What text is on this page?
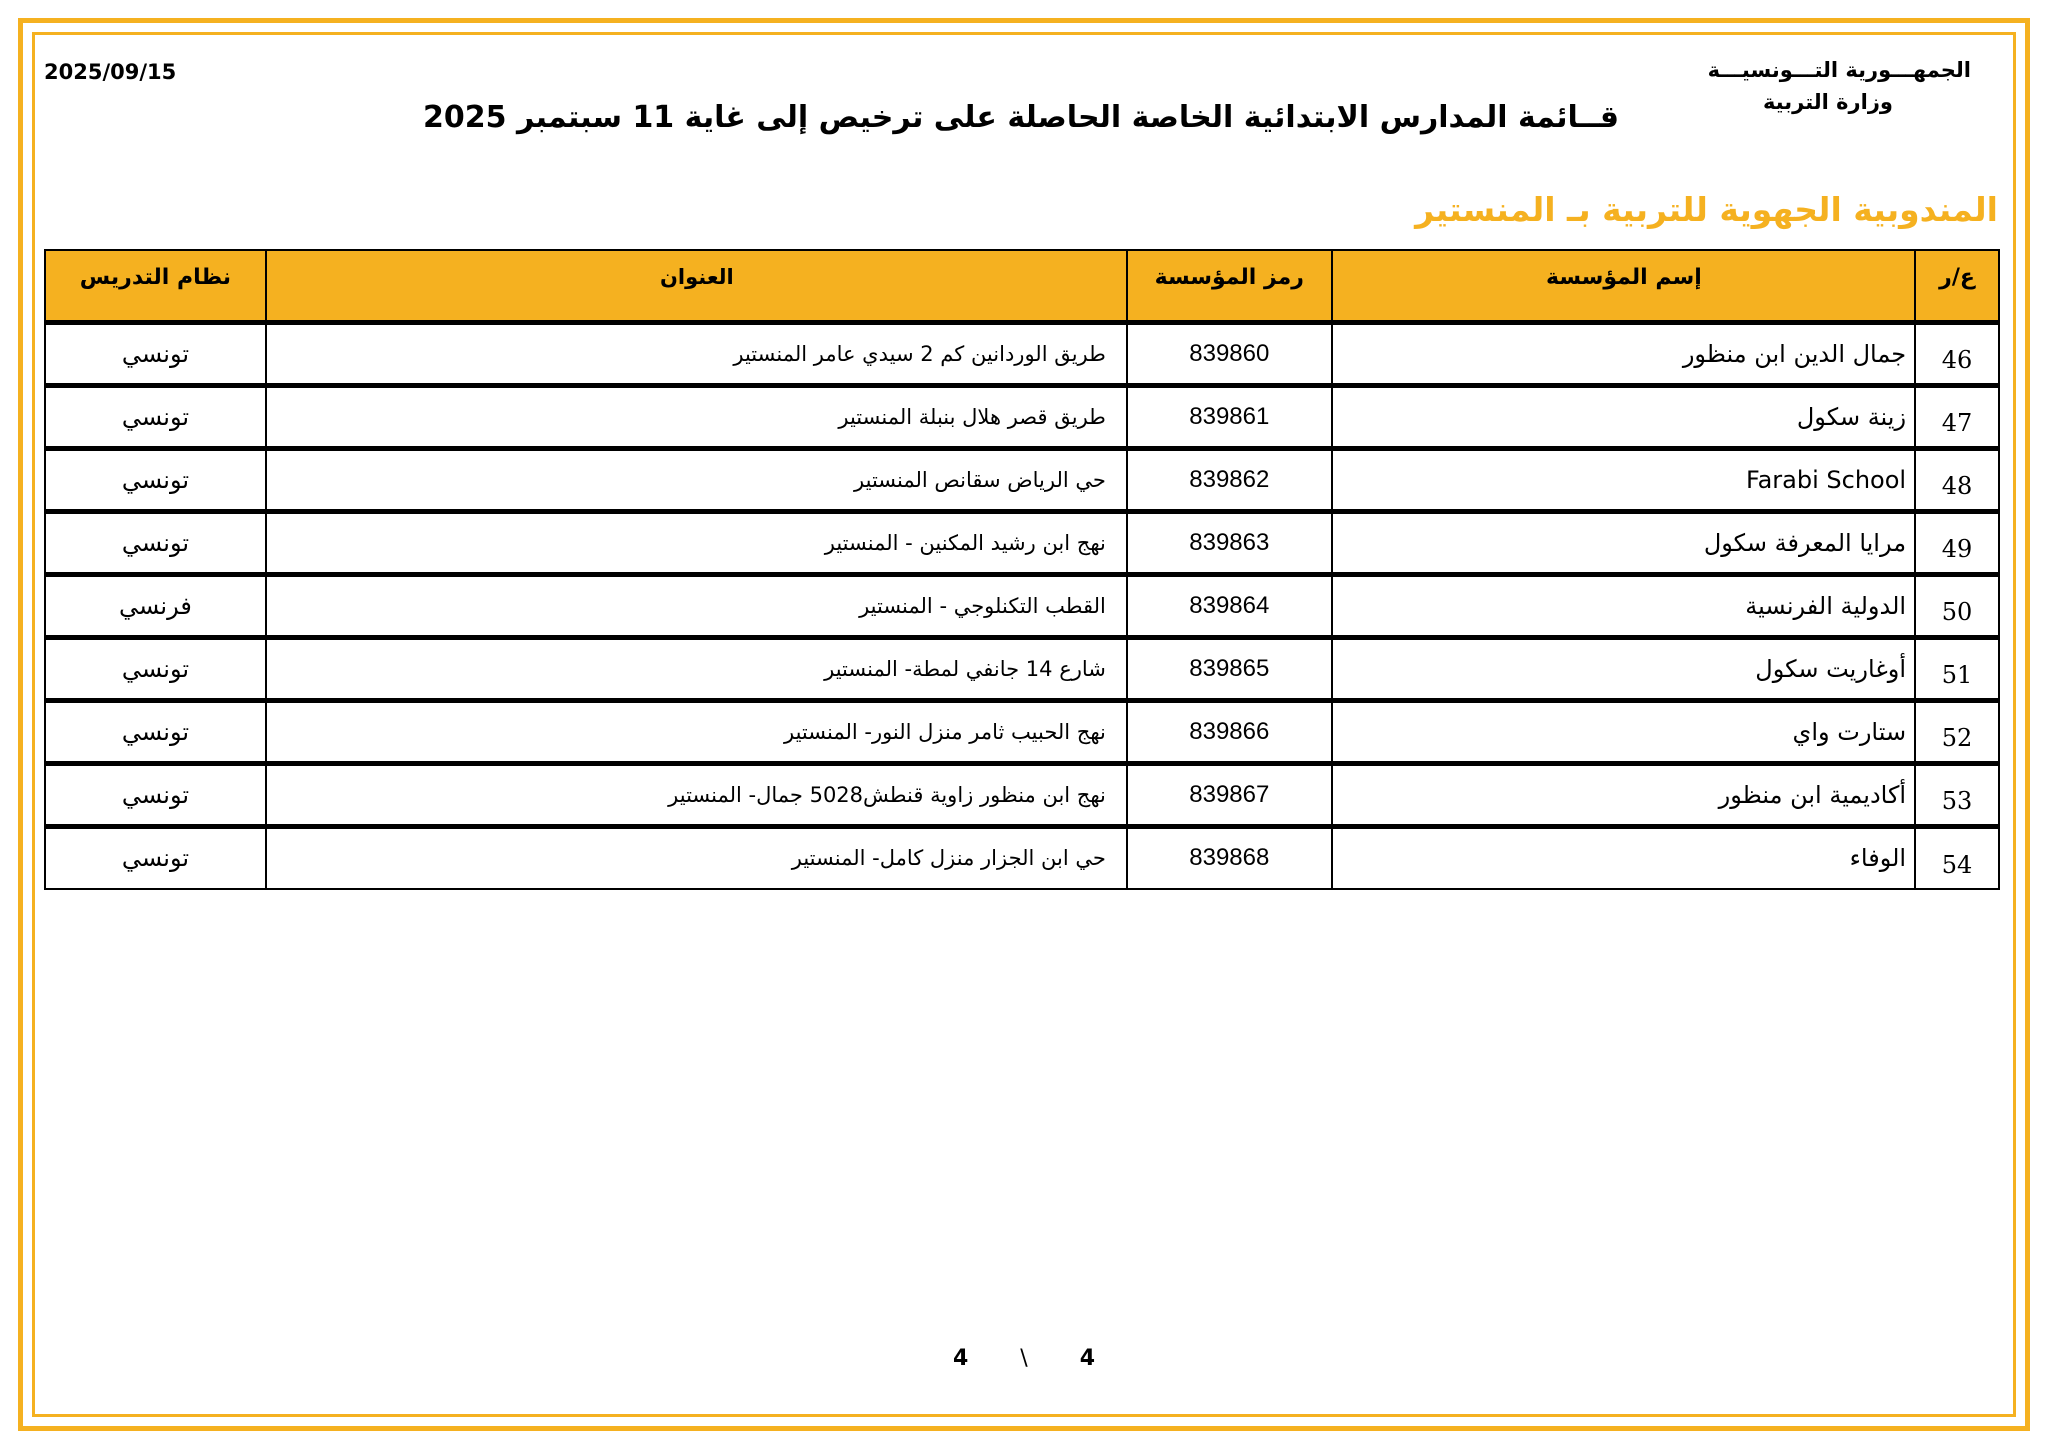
2025/09/15	الجمهـــورية التـــونسيـــة
وزارة التربية
قــائمة المدارس الابتدائية الخاصة الحاصلة على ترخيص إلى غاية 11 سبتمبر 2025
المندوبية الجهوية للتربية بـ المنستير
ع/ر	إسم المؤسسة	رمز المؤسسة	العنوان	نظام التدريس
46	جمال الدين ابن منظور	839860	طريق الوردانين كم 2 سيدي عامر المنستير	تونسي
47	زينة سكول	839861	طريق قصر هلال بنبلة المنستير	تونسي
48	Farabi School	839862	حي الرياض سقانص المنستير	تونسي
49	مرايا المعرفة سكول	839863	نهج ابن رشيد المكنين - المنستير	تونسي
50	الدولية الفرنسية	839864	القطب التكنلوجي - المنستير	فرنسي
51	أوغاريت سكول	839865	شارع 14 جانفي لمطة- المنستير	تونسي
52	ستارت واي	839866	نهج الحبيب ثامر منزل النور- المنستير	تونسي
53	أكاديمية ابن منظور	839867	نهج ابن منظور زاوية قنطش5028 جمال- المنستير	تونسي
54	الوفاء	839868	حي ابن الجزار منزل كامل- المنستير	تونسي
4 \ 4
